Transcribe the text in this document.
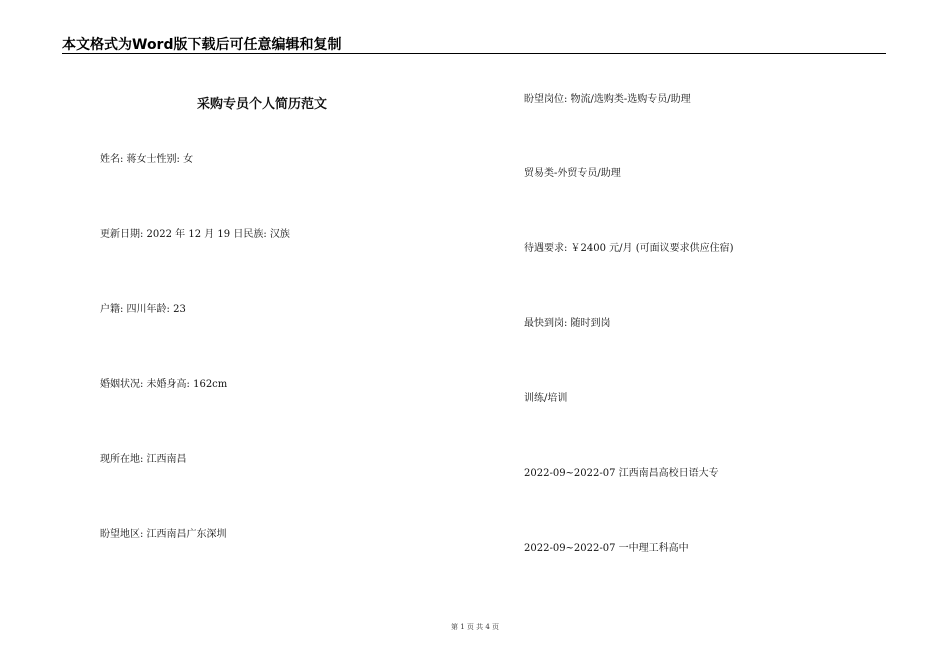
本文格式为Word版下载后可任意编辑和复制
采购专员个人简历范文
姓名: 蒋女士性别: 女
更新日期: 2022 年 12 月 19 日民族: 汉族
户籍: 四川年龄: 23
婚姻状况: 未婚身高: 162cm
现所在地: 江西南昌
盼望地区: 江西南昌广东深圳
盼望岗位: 物流/选购类-选购专员/助理
贸易类-外贸专员/助理
待遇要求: ￥2400 元/月 (可面议要求供应住宿)
最快到岗: 随时到岗
训练/培训
2022-09~2022-07 江西南昌高校日语大专
2022-09~2022-07 一中理工科高中
第 1 页 共 4 页
